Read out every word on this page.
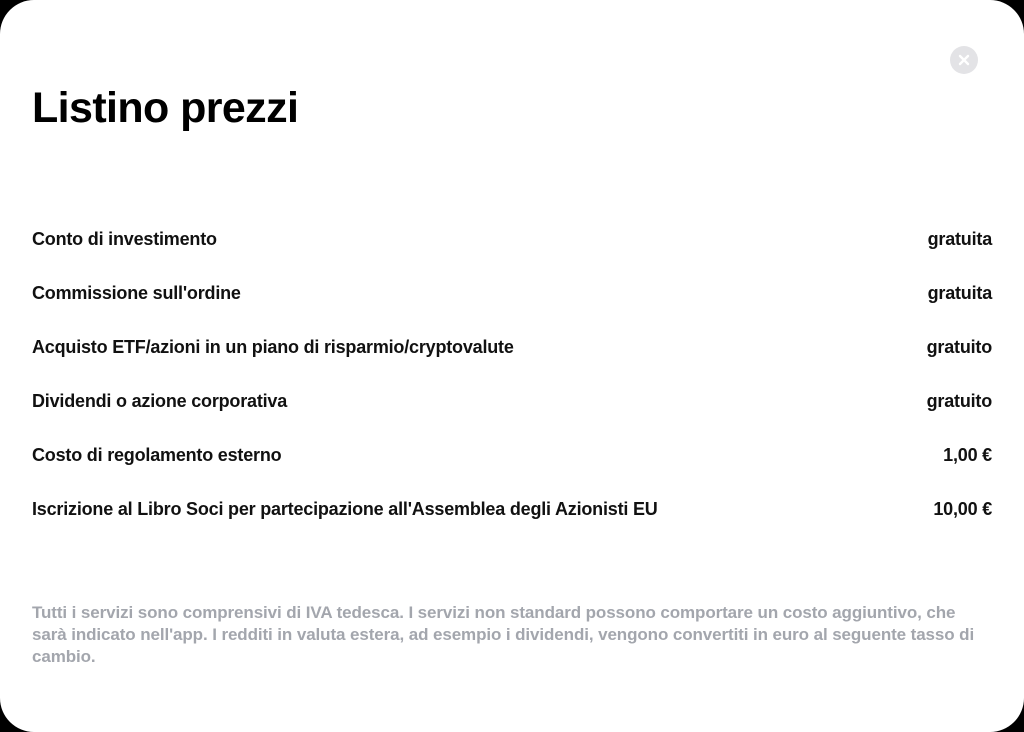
Listino prezzi
Conto di investimento	gratuita
Commissione sull'ordine	gratuita
Acquisto ETF/azioni in un piano di risparmio/cryptovalute	gratuito
Dividendi o azione corporativa	gratuito
Costo di regolamento esterno	1,00 €
Iscrizione al Libro Soci per partecipazione all'Assemblea degli Azionisti EU	10,00 €

Tutti i servizi sono comprensivi di IVA tedesca. I servizi non standard possono comportare un costo aggiuntivo, che sarà indicato nell'app. I redditi in valuta estera, ad esempio i dividendi, vengono convertiti in euro al seguente tasso di cambio.
